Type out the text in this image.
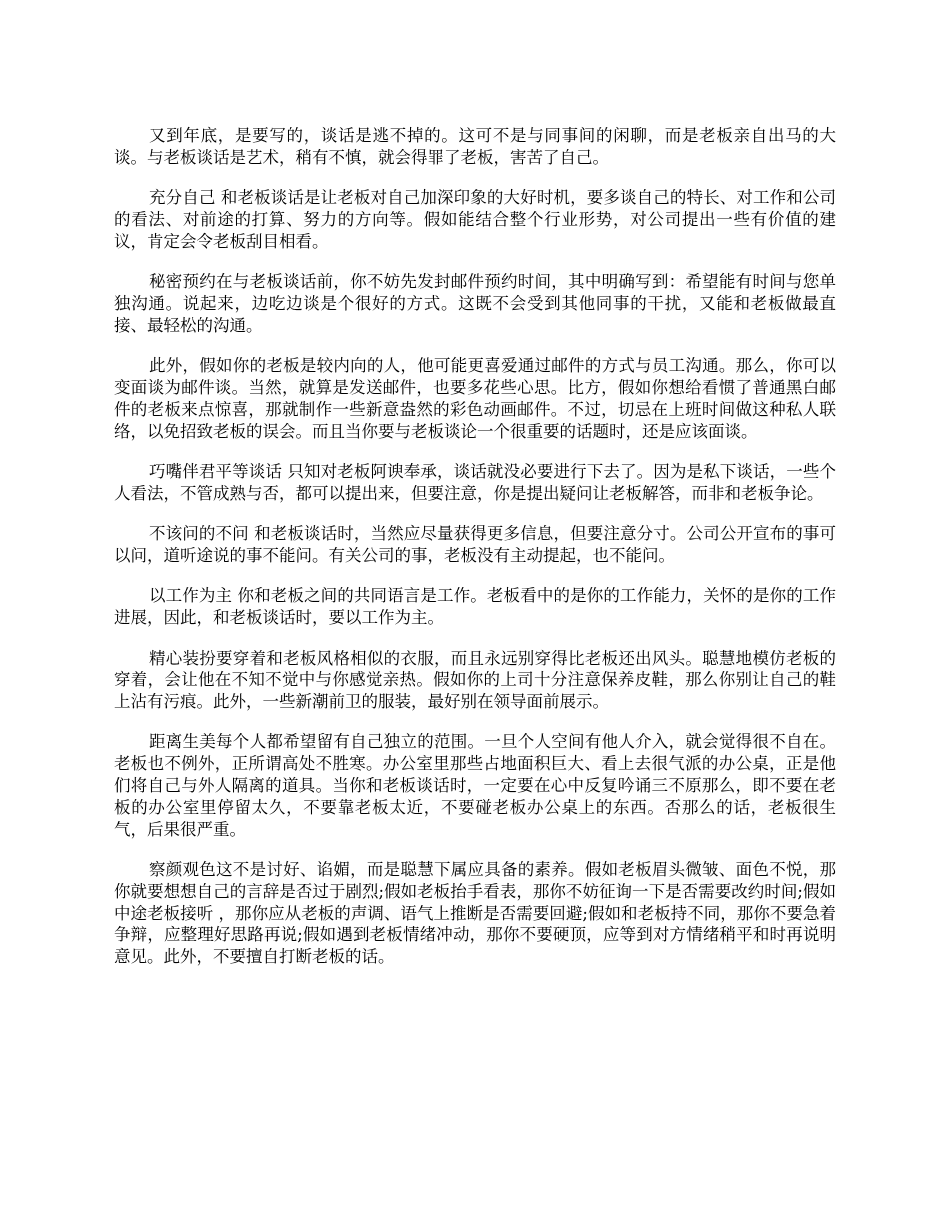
又到年底，是要写的，谈话是逃不掉的。这可不是与同事间的闲聊，而是老板亲自出马的大谈。与老板谈话是艺术，稍有不慎，就会得罪了老板，害苦了自己。

充分自己 和老板谈话是让老板对自己加深印象的大好时机，要多谈自己的特长、对工作和公司的看法、对前途的打算、努力的方向等。假如能结合整个行业形势，对公司提出一些有价值的建议，肯定会令老板刮目相看。

秘密预约在与老板谈话前，你不妨先发封邮件预约时间，其中明确写到：希望能有时间与您单独沟通。说起来，边吃边谈是个很好的方式。这既不会受到其他同事的干扰，又能和老板做最直接、最轻松的沟通。

此外，假如你的老板是较内向的人，他可能更喜爱通过邮件的方式与员工沟通。那么，你可以变面谈为邮件谈。当然，就算是发送邮件，也要多花些心思。比方，假如你想给看惯了普通黑白邮件的老板来点惊喜，那就制作一些新意盎然的彩色动画邮件。不过，切忌在上班时间做这种私人联络，以免招致老板的误会。而且当你要与老板谈论一个很重要的话题时，还是应该面谈。

巧嘴伴君平等谈话 只知对老板阿谀奉承，谈话就没必要进行下去了。因为是私下谈话，一些个人看法，不管成熟与否，都可以提出来，但要注意，你是提出疑问让老板解答，而非和老板争论。

不该问的不问 和老板谈话时，当然应尽量获得更多信息，但要注意分寸。公司公开宣布的事可以问，道听途说的事不能问。有关公司的事，老板没有主动提起，也不能问。

以工作为主 你和老板之间的共同语言是工作。老板看中的是你的工作能力，关怀的是你的工作进展，因此，和老板谈话时，要以工作为主。

精心装扮要穿着和老板风格相似的衣服，而且永远别穿得比老板还出风头。聪慧地模仿老板的穿着，会让他在不知不觉中与你感觉亲热。假如你的上司十分注意保养皮鞋，那么你别让自己的鞋上沾有污痕。此外，一些新潮前卫的服装，最好别在领导面前展示。

距离生美每个人都希望留有自己独立的范围。一旦个人空间有他人介入，就会觉得很不自在。老板也不例外，正所谓高处不胜寒。办公室里那些占地面积巨大、看上去很气派的办公桌，正是他们将自己与外人隔离的道具。当你和老板谈话时，一定要在心中反复吟诵三不原那么，即不要在老板的办公室里停留太久，不要靠老板太近，不要碰老板办公桌上的东西。否那么的话，老板很生气，后果很严重。

察颜观色这不是讨好、谄媚，而是聪慧下属应具备的素养。假如老板眉头微皱、面色不悦，那你就要想想自己的言辞是否过于剧烈;假如老板抬手看表，那你不妨征询一下是否需要改约时间;假如中途老板接听 ，那你应从老板的声调、语气上推断是否需要回避;假如和老板持不同，那你不要急着争辩，应整理好思路再说;假如遇到老板情绪冲动，那你不要硬顶，应等到对方情绪稍平和时再说明意见。此外，不要擅自打断老板的话。
